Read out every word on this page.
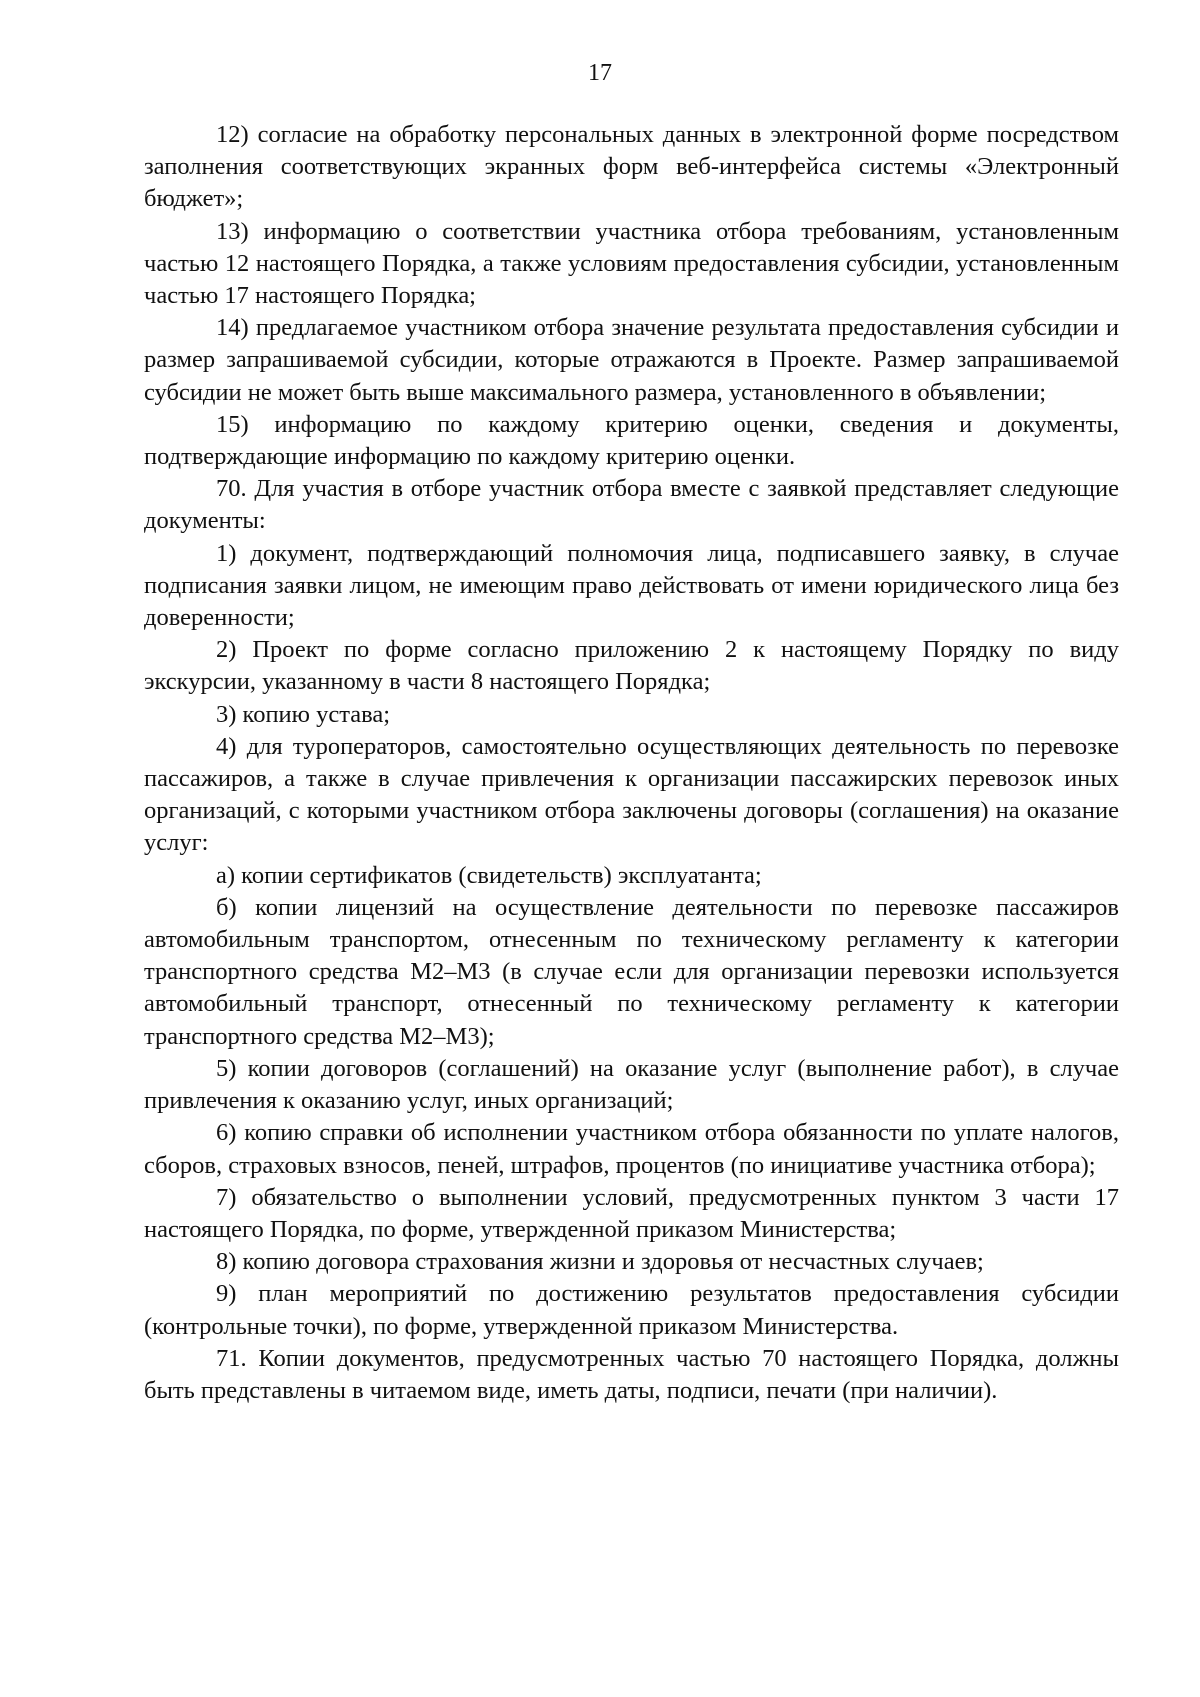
17

12) согласие на обработку персональных данных в электронной форме посредством заполнения соответствующих экранных форм веб-интерфейса системы «Электронный бюджет»;

13) информацию о соответствии участника отбора требованиям, установленным частью 12 настоящего Порядка, а также условиям предоставления субсидии, установленным частью 17 настоящего Порядка;

14) предлагаемое участником отбора значение результата предоставления субсидии и размер запрашиваемой субсидии, которые отражаются в Проекте. Размер запрашиваемой субсидии не может быть выше максимального размера, установленного в объявлении;

15) информацию по каждому критерию оценки, сведения и документы, подтверждающие информацию по каждому критерию оценки.

70. Для участия в отборе участник отбора вместе с заявкой представляет следующие документы:

1) документ, подтверждающий полномочия лица, подписавшего заявку, в случае подписания заявки лицом, не имеющим право действовать от имени юридического лица без доверенности;

2) Проект по форме согласно приложению 2 к настоящему Порядку по виду экскурсии, указанному в части 8 настоящего Порядка;

3) копию устава;

4) для туроператоров, самостоятельно осуществляющих деятельность по перевозке пассажиров, а также в случае привлечения к организации пассажирских перевозок иных организаций, с которыми участником отбора заключены договоры (соглашения) на оказание услуг:

а) копии сертификатов (свидетельств) эксплуатанта;

б) копии лицензий на осуществление деятельности по перевозке пассажиров автомобильным транспортом, отнесенным по техническому регламенту к категории транспортного средства М2–М3 (в случае если для организации перевозки используется автомобильный транспорт, отнесенный по техническому регламенту к категории транспортного средства М2–М3);

5) копии договоров (соглашений) на оказание услуг (выполнение работ), в случае привлечения к оказанию услуг, иных организаций;

6) копию справки об исполнении участником отбора обязанности по уплате налогов, сборов, страховых взносов, пеней, штрафов, процентов (по инициативе участника отбора);

7) обязательство о выполнении условий, предусмотренных пунктом 3 части 17 настоящего Порядка, по форме, утвержденной приказом Министерства;

8) копию договора страхования жизни и здоровья от несчастных случаев;

9) план мероприятий по достижению результатов предоставления субсидии (контрольные точки), по форме, утвержденной приказом Министерства.

71. Копии документов, предусмотренных частью 70 настоящего Порядка, должны быть представлены в читаемом виде, иметь даты, подписи, печати (при наличии).
